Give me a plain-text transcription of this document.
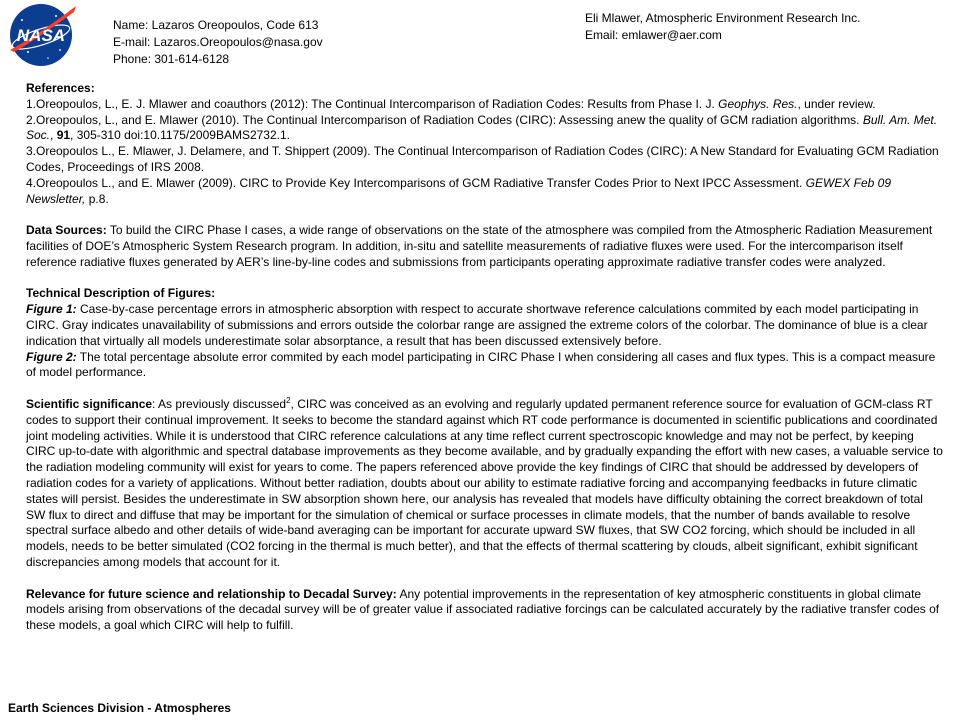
NASA
Name: Lazaros Oreopoulos, Code 613
E-mail: Lazaros.Oreopoulos@nasa.gov
Phone: 301-614-6128
Eli Mlawer, Atmospheric Environment Research Inc.
Email: emlawer@aer.com

References:

1.Oreopoulos, L., E. J. Mlawer and coauthors (2012): The Continual Intercomparison of Radiation Codes: Results from Phase I. J. Geophys. Res., under review.

2.Oreopoulos, L., and E. Mlawer (2010). The Continual Intercomparison of Radiation Codes (CIRC): Assessing anew the quality of GCM radiation algorithms. Bull. Am. Met. Soc., 91, 305-310 doi:10.1175/2009BAMS2732.1.

3.Oreopoulos L., E. Mlawer, J. Delamere, and T. Shippert (2009). The Continual Intercomparison of Radiation Codes (CIRC): A New Standard for Evaluating GCM Radiation Codes, Proceedings of IRS 2008.

4.Oreopoulos L., and E. Mlawer (2009). CIRC to Provide Key Intercomparisons of GCM Radiative Transfer Codes Prior to Next IPCC Assessment. GEWEX Feb 09 Newsletter, p.8.

Data Sources: To build the CIRC Phase I cases, a wide range of observations on the state of the atmosphere was compiled from the Atmospheric Radiation Measurement facilities of DOE’s Atmospheric System Research program. In addition, in-situ and satellite measurements of radiative fluxes were used. For the intercomparison itself reference radiative fluxes generated by AER’s line-by-line codes and submissions from participants operating approximate radiative transfer codes were analyzed.

Technical Description of Figures:

Figure 1: Case-by-case percentage errors in atmospheric absorption with respect to accurate shortwave reference calculations commited by each model participating in CIRC. Gray indicates unavailability of submissions and errors outside the colorbar range are assigned the extreme colors of the colorbar. The dominance of blue is a clear indication that virtually all models underestimate solar absorptance, a result that has been discussed extensively before.

Figure 2: The total percentage absolute error commited by each model participating in CIRC Phase I when considering all cases and flux types. This is a compact measure of model performance.

Scientific significance: As previously discussed$^2$, CIRC was conceived as an evolving and regularly updated permanent reference source for evaluation of GCM-class RT codes to support their continual improvement. It seeks to become the standard against which RT code performance is documented in scientific publications and coordinated joint modeling activities. While it is understood that CIRC reference calculations at any time reflect current spectroscopic knowledge and may not be perfect, by keeping CIRC up-to-date with algorithmic and spectral database improvements as they become available, and by gradually expanding the effort with new cases, a valuable service to the radiation modeling community will exist for years to come. The papers referenced above provide the key findings of CIRC that should be addressed by developers of radiation codes for a variety of applications. Without better radiation, doubts about our ability to estimate radiative forcing and accompanying feedbacks in future climatic states will persist. Besides the underestimate in SW absorption shown here, our analysis has revealed that models have difficulty obtaining the correct breakdown of total SW flux to direct and diffuse that may be important for the simulation of chemical or surface processes in climate models, that the number of bands available to resolve spectral surface albedo and other details of wide-band averaging can be important for accurate upward SW fluxes, that SW CO2 forcing, which should be included in all models, needs to be better simulated (CO2 forcing in the thermal is much better), and that the effects of thermal scattering by clouds, albeit significant, exhibit significant discrepancies among models that account for it.

Relevance for future science and relationship to Decadal Survey: Any potential improvements in the representation of key atmospheric constituents in global climate models arising from observations of the decadal survey will be of greater value if associated radiative forcings can be calculated accurately by the radiative transfer codes of these models, a goal which CIRC will help to fulfill.

Earth Sciences Division - Atmospheres
